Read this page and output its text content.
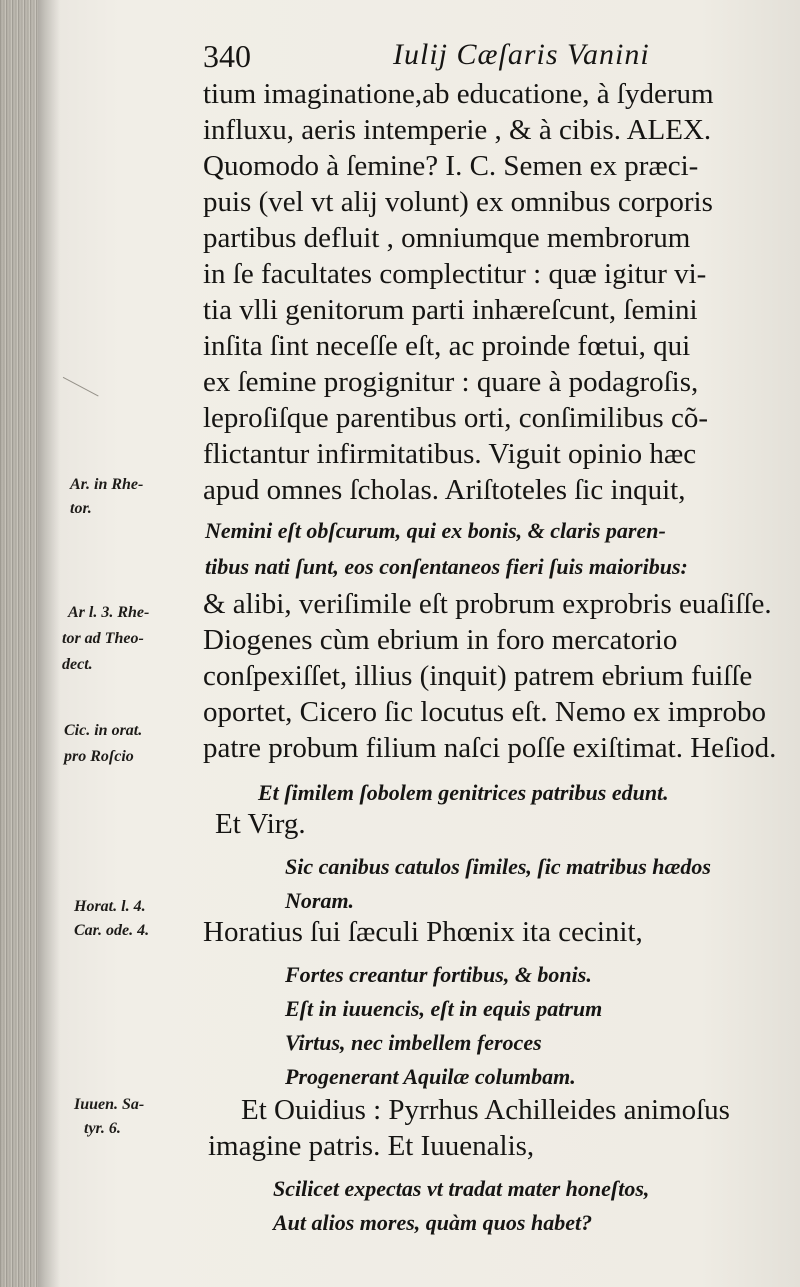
340	Iulij Cæſaris Vanini
tium imaginatione,ab educatione, à ſyderum
influxu, aeris intemperie , & à cibis. ALEX.
Quomodo à ſemine? I. C. Semen ex præci-
puis (vel vt alij volunt) ex omnibus corporis
partibus defluit , omniumque membrorum
in ſe facultates complectitur : quæ igitur vi-
tia vlli genitorum parti inhæreſcunt, ſemini
inſita ſint neceſſe eſt, ac proinde fœtui, qui
ex ſemine progignitur : quare à podagroſis,
leproſiſque parentibus orti, conſimilibus cõ-
flictantur infirmitatibus. Viguit opinio hæc
apud omnes ſcholas. Ariſtoteles ſic inquit,
Nemini eſt obſcurum, qui ex bonis, & claris paren-
tibus nati ſunt, eos conſentaneos fieri ſuis maioribus:
& alibi, veriſimile eſt probrum exprobris euaſiſſe.
Diogenes cùm ebrium in foro mercatorio
conſpexiſſet, illius (inquit) patrem ebrium fuiſſe
oportet, Cicero ſic locutus eſt. Nemo ex improbo
patre probum filium naſci poſſe exiſtimat. Heſiod.
Et ſimilem ſobolem genitrices patribus edunt.
Et Virg.
Sic canibus catulos ſimiles, ſic matribus hædos
Noram.
Horatius ſui ſæculi Phœnix ita cecinit,
Fortes creantur fortibus, & bonis.
Eſt in iuuencis, eſt in equis patrum
Virtus, nec imbellem feroces
Progenerant Aquilæ columbam.
Et Ouidius : Pyrrhus Achilleides animoſus
imagine patris. Et Iuuenalis,
Scilicet expectas vt tradat mater honeſtos,
Aut alios mores, quàm quos habet?
Ar. in Rhe-
tor.
Ar l. 3. Rhe-
tor ad Theo-
dect.
Cic. in orat.
pro Roſcio
Horat. l. 4.
Car. ode. 4.
Iuuen. Sa-
tyr. 6.
